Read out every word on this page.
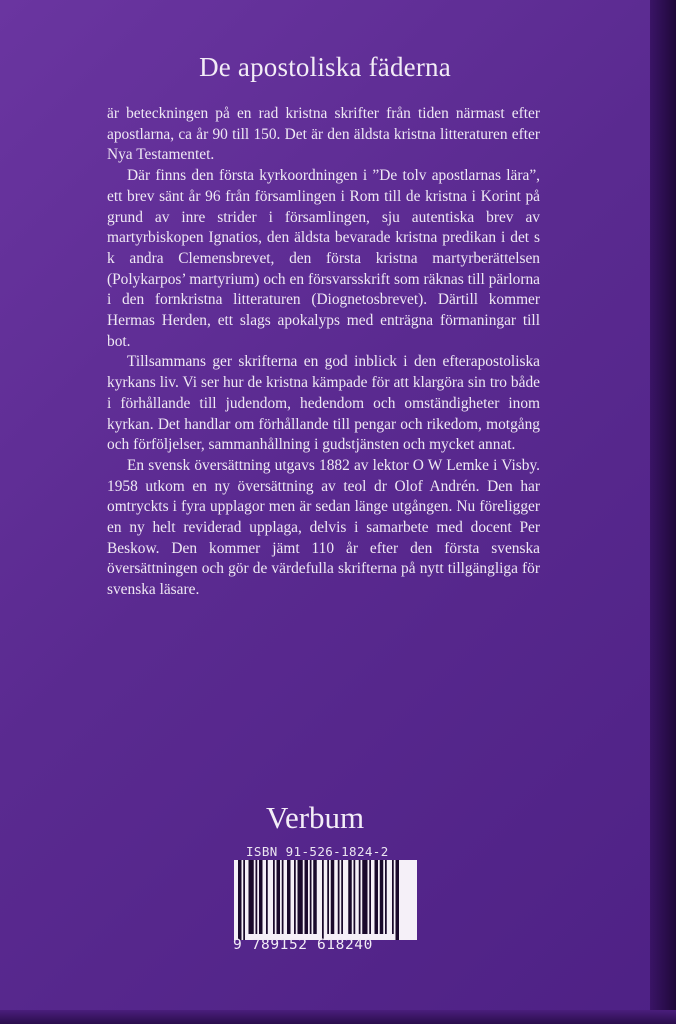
De apostoliska fäderna

är beteckningen på en rad kristna skrifter från tiden närmast efter apostlarna, ca år 90 till 150. Det är den äldsta kristna litteraturen efter Nya Testamentet.

Där finns den första kyrkoordningen i ”De tolv apostlarnas lära”, ett brev sänt år 96 från församlingen i Rom till de kristna i Korint på grund av inre strider i församlingen, sju autentiska brev av martyrbiskopen Ignatios, den äldsta bevarade kristna predikan i det s k andra Clemensbrevet, den första kristna martyrberättelsen (Polykarpos’ martyrium) och en försvarsskrift som räknas till pärlorna i den fornkristna litteraturen (Diognetosbrevet). Därtill kommer Hermas Herden, ett slags apokalyps med enträgna förmaningar till bot.

Tillsammans ger skrifterna en god inblick i den efterapostoliska kyrkans liv. Vi ser hur de kristna kämpade för att klargöra sin tro både i förhållande till judendom, hedendom och omständigheter inom kyrkan. Det handlar om förhållande till pengar och rikedom, motgång och förföljelser, sammanhållning i gudstjänsten och mycket annat.

En svensk översättning utgavs 1882 av lektor O W Lemke i Visby. 1958 utkom en ny översättning av teol dr Olof Andrén. Den har omtryckts i fyra upplagor men är sedan länge utgången. Nu föreligger en ny helt reviderad upplaga, delvis i samarbete med docent Per Beskow. Den kommer jämt 110 år efter den första svenska översättningen och gör de värdefulla skrifterna på nytt tillgängliga för svenska läsare.

Verbum
ISBN 91-526-1824-2
9 789152 618240
